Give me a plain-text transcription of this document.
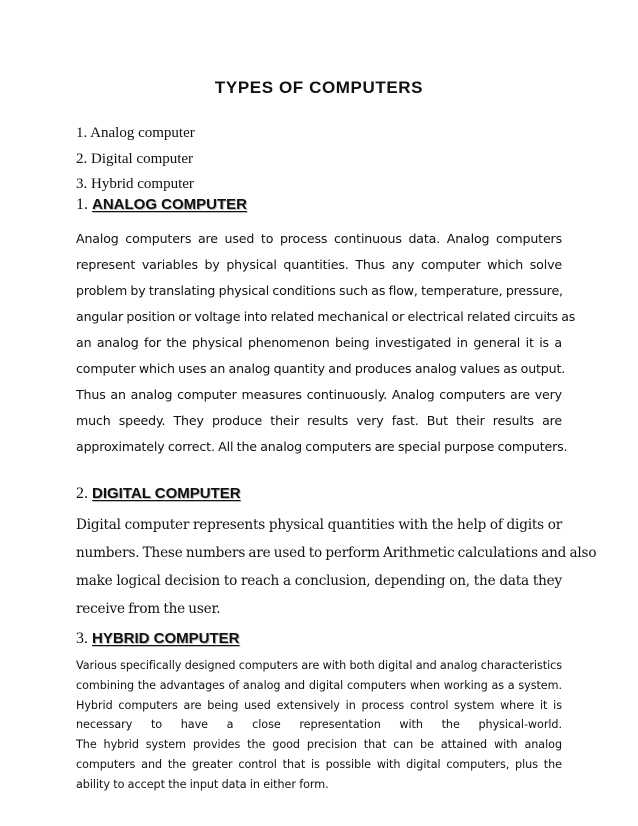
TYPES OF COMPUTERS
1. Analog computer
2. Digital computer
3. Hybrid computer
1. ANALOG COMPUTER

Analog computers are used to process continuous data. Analog computers
represent variables by physical quantities. Thus any computer which solve
problem by translating physical conditions such as flow, temperature, pressure,
angular position or voltage into related mechanical or electrical related circuits as
an analog for the physical phenomenon being investigated in general it is a
computer which uses an analog quantity and produces analog values as output.
Thus an analog computer measures continuously. Analog computers are very
much speedy. They produce their results very fast. But their results are
approximately correct. All the analog computers are special purpose computers.

2. DIGITAL COMPUTER

Digital computer represents physical quantities with the help of digits or
numbers. These numbers are used to perform Arithmetic calculations and also
make logical decision to reach a conclusion, depending on, the data they
receive from the user.

3. HYBRID COMPUTER

Various specifically designed computers are with both digital and analog characteristics
combining the advantages of analog and digital computers when working as a system.
Hybrid computers are being used extensively in process control system where it is
necessary to have a close representation with the physical-world.
The hybrid system provides the good precision that can be attained with analog
computers and the greater control that is possible with digital computers, plus the
ability to accept the input data in either form.
